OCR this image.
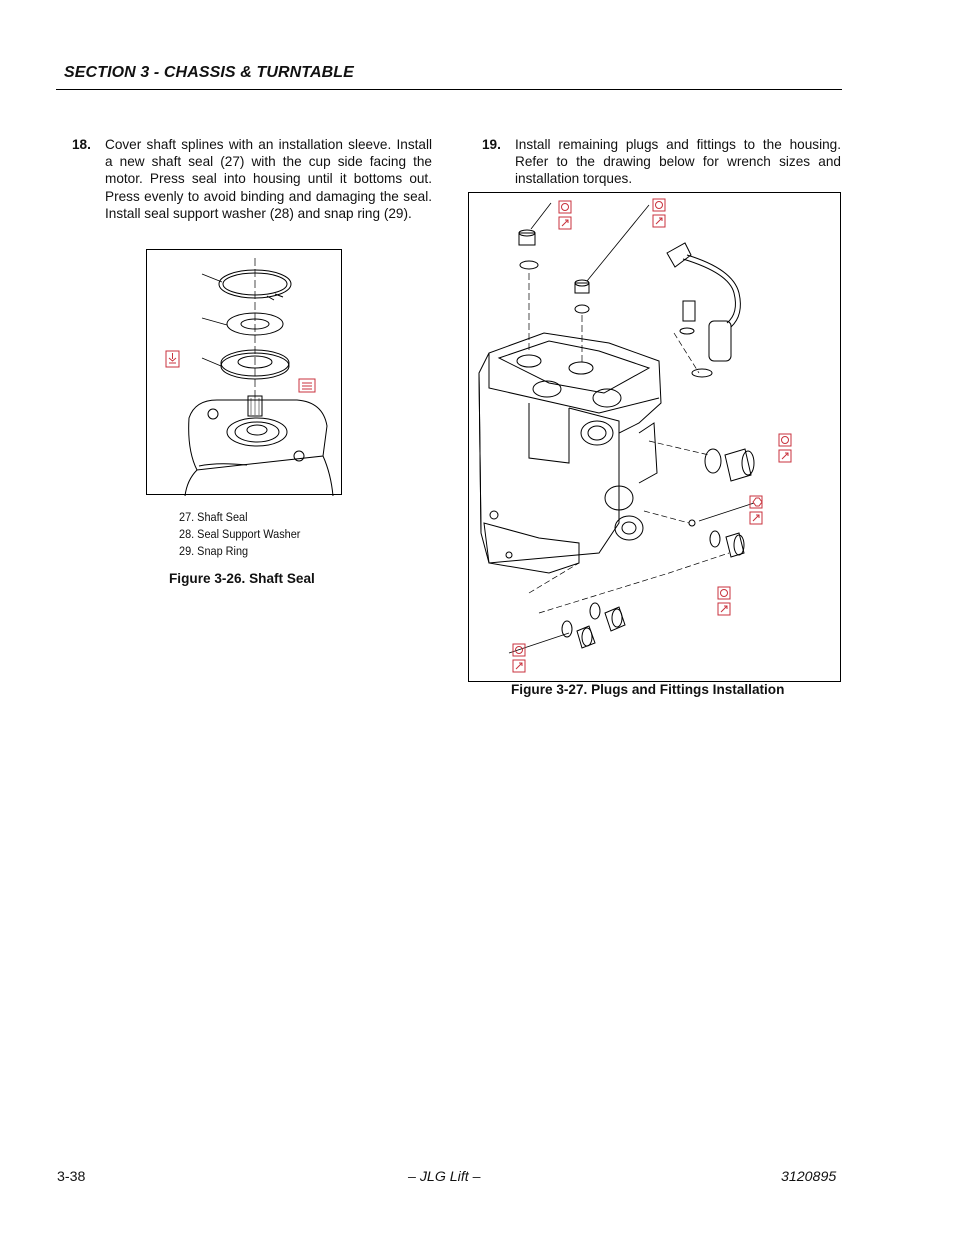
SECTION 3 - CHASSIS & TURNTABLE
18. Cover shaft splines with an installation sleeve. Install a new shaft seal (27) with the cup side facing the motor. Press seal into housing until it bottoms out. Press evenly to avoid binding and damaging the seal. Install seal support washer (28) and snap ring (29).
19. Install remaining plugs and fittings to the housing. Refer to the drawing below for wrench sizes and installation torques.
27. Shaft Seal
28. Seal Support Washer
29. Snap Ring
Figure 3-26. Shaft Seal
Figure 3-27. Plugs and Fittings Installation
3-38	– JLG Lift –	3120895
